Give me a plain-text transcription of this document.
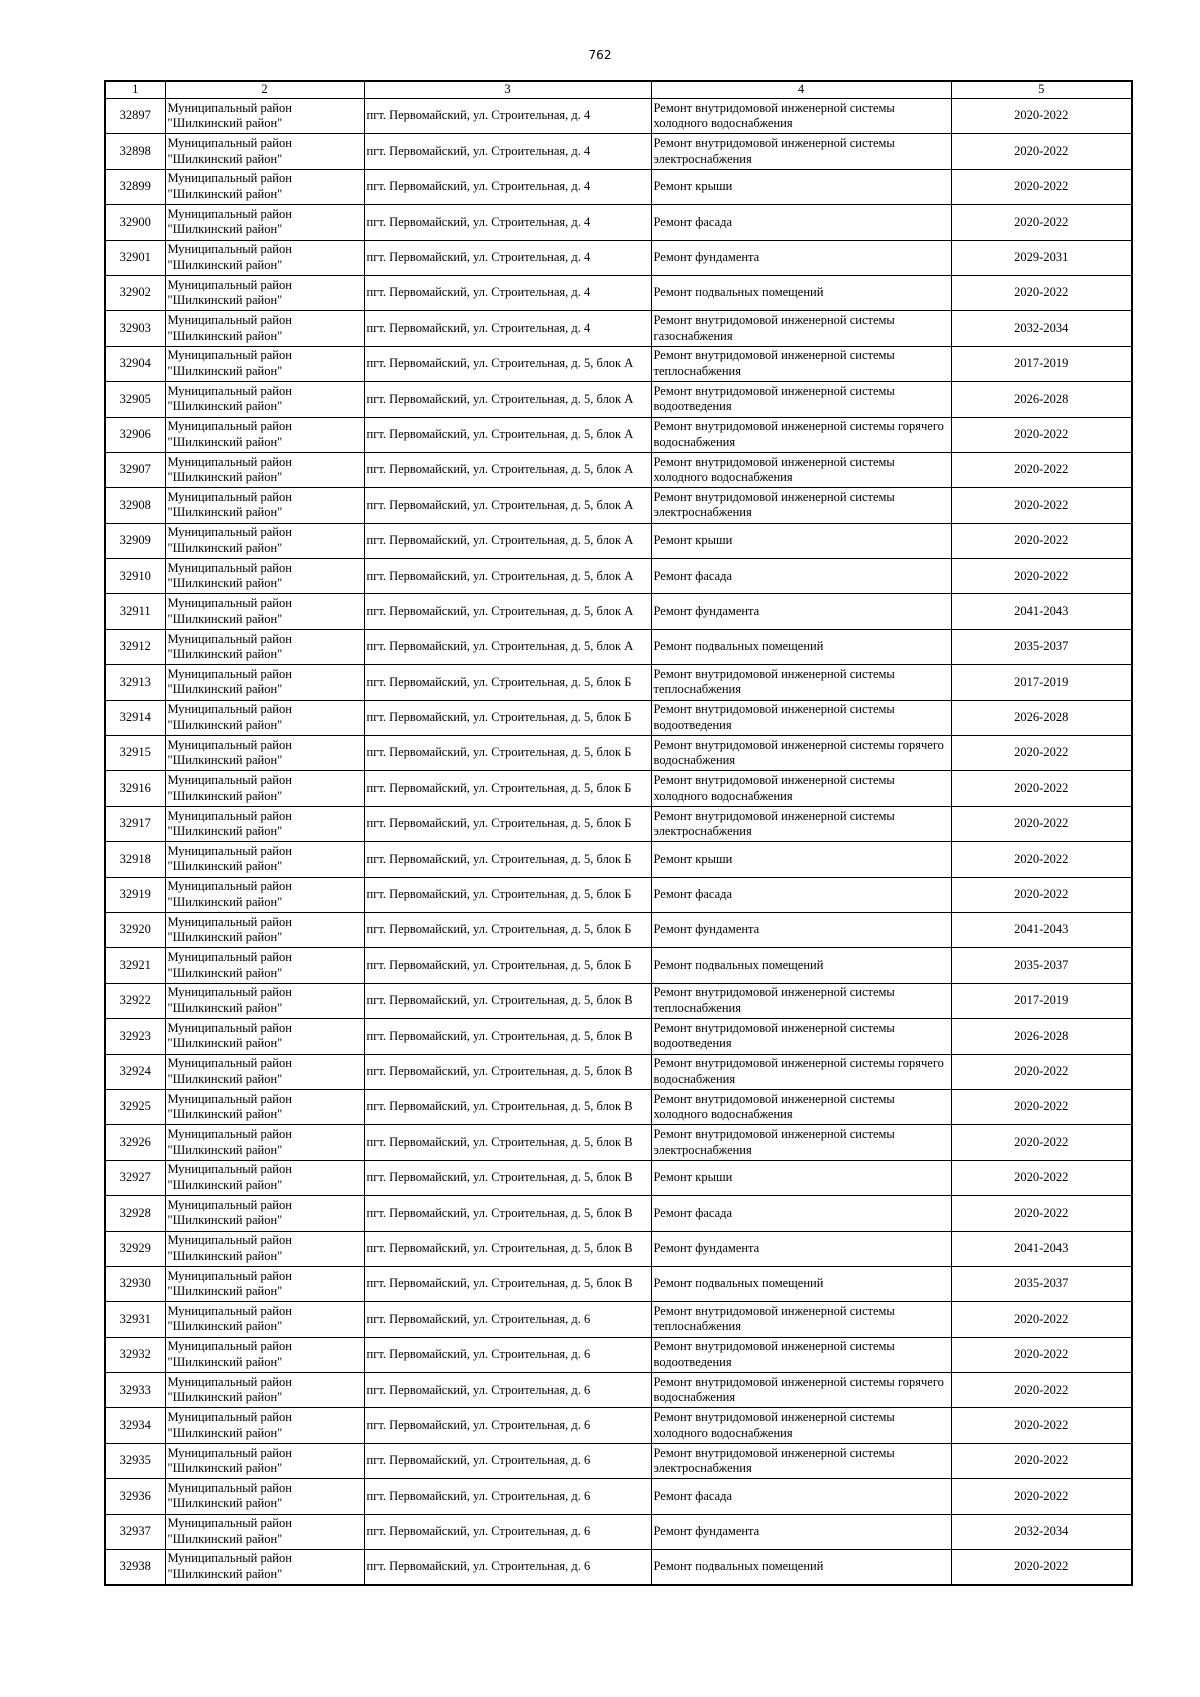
762
1	2	3	4	5
32897	Муниципальный район "Шилкинский район"	пгт. Первомайский, ул. Строительная, д. 4	Ремонт внутридомовой инженерной системы холодного водоснабжения	2020-2022
32898	Муниципальный район "Шилкинский район"	пгт. Первомайский, ул. Строительная, д. 4	Ремонт внутридомовой инженерной системы электроснабжения	2020-2022
32899	Муниципальный район "Шилкинский район"	пгт. Первомайский, ул. Строительная, д. 4	Ремонт крыши	2020-2022
32900	Муниципальный район "Шилкинский район"	пгт. Первомайский, ул. Строительная, д. 4	Ремонт фасада	2020-2022
32901	Муниципальный район "Шилкинский район"	пгт. Первомайский, ул. Строительная, д. 4	Ремонт фундамента	2029-2031
32902	Муниципальный район "Шилкинский район"	пгт. Первомайский, ул. Строительная, д. 4	Ремонт подвальных помещений	2020-2022
32903	Муниципальный район "Шилкинский район"	пгт. Первомайский, ул. Строительная, д. 4	Ремонт внутридомовой инженерной системы газоснабжения	2032-2034
32904	Муниципальный район "Шилкинский район"	пгт. Первомайский, ул. Строительная, д. 5, блок А	Ремонт внутридомовой инженерной системы теплоснабжения	2017-2019
32905	Муниципальный район "Шилкинский район"	пгт. Первомайский, ул. Строительная, д. 5, блок А	Ремонт внутридомовой инженерной системы водоотведения	2026-2028
32906	Муниципальный район "Шилкинский район"	пгт. Первомайский, ул. Строительная, д. 5, блок А	Ремонт внутридомовой инженерной системы горячего водоснабжения	2020-2022
32907	Муниципальный район "Шилкинский район"	пгт. Первомайский, ул. Строительная, д. 5, блок А	Ремонт внутридомовой инженерной системы холодного водоснабжения	2020-2022
32908	Муниципальный район "Шилкинский район"	пгт. Первомайский, ул. Строительная, д. 5, блок А	Ремонт внутридомовой инженерной системы электроснабжения	2020-2022
32909	Муниципальный район "Шилкинский район"	пгт. Первомайский, ул. Строительная, д. 5, блок А	Ремонт крыши	2020-2022
32910	Муниципальный район "Шилкинский район"	пгт. Первомайский, ул. Строительная, д. 5, блок А	Ремонт фасада	2020-2022
32911	Муниципальный район "Шилкинский район"	пгт. Первомайский, ул. Строительная, д. 5, блок А	Ремонт фундамента	2041-2043
32912	Муниципальный район "Шилкинский район"	пгт. Первомайский, ул. Строительная, д. 5, блок А	Ремонт подвальных помещений	2035-2037
32913	Муниципальный район "Шилкинский район"	пгт. Первомайский, ул. Строительная, д. 5, блок Б	Ремонт внутридомовой инженерной системы теплоснабжения	2017-2019
32914	Муниципальный район "Шилкинский район"	пгт. Первомайский, ул. Строительная, д. 5, блок Б	Ремонт внутридомовой инженерной системы водоотведения	2026-2028
32915	Муниципальный район "Шилкинский район"	пгт. Первомайский, ул. Строительная, д. 5, блок Б	Ремонт внутридомовой инженерной системы горячего водоснабжения	2020-2022
32916	Муниципальный район "Шилкинский район"	пгт. Первомайский, ул. Строительная, д. 5, блок Б	Ремонт внутридомовой инженерной системы холодного водоснабжения	2020-2022
32917	Муниципальный район "Шилкинский район"	пгт. Первомайский, ул. Строительная, д. 5, блок Б	Ремонт внутридомовой инженерной системы электроснабжения	2020-2022
32918	Муниципальный район "Шилкинский район"	пгт. Первомайский, ул. Строительная, д. 5, блок Б	Ремонт крыши	2020-2022
32919	Муниципальный район "Шилкинский район"	пгт. Первомайский, ул. Строительная, д. 5, блок Б	Ремонт фасада	2020-2022
32920	Муниципальный район "Шилкинский район"	пгт. Первомайский, ул. Строительная, д. 5, блок Б	Ремонт фундамента	2041-2043
32921	Муниципальный район "Шилкинский район"	пгт. Первомайский, ул. Строительная, д. 5, блок Б	Ремонт подвальных помещений	2035-2037
32922	Муниципальный район "Шилкинский район"	пгт. Первомайский, ул. Строительная, д. 5, блок В	Ремонт внутридомовой инженерной системы теплоснабжения	2017-2019
32923	Муниципальный район "Шилкинский район"	пгт. Первомайский, ул. Строительная, д. 5, блок В	Ремонт внутридомовой инженерной системы водоотведения	2026-2028
32924	Муниципальный район "Шилкинский район"	пгт. Первомайский, ул. Строительная, д. 5, блок В	Ремонт внутридомовой инженерной системы горячего водоснабжения	2020-2022
32925	Муниципальный район "Шилкинский район"	пгт. Первомайский, ул. Строительная, д. 5, блок В	Ремонт внутридомовой инженерной системы холодного водоснабжения	2020-2022
32926	Муниципальный район "Шилкинский район"	пгт. Первомайский, ул. Строительная, д. 5, блок В	Ремонт внутридомовой инженерной системы электроснабжения	2020-2022
32927	Муниципальный район "Шилкинский район"	пгт. Первомайский, ул. Строительная, д. 5, блок В	Ремонт крыши	2020-2022
32928	Муниципальный район "Шилкинский район"	пгт. Первомайский, ул. Строительная, д. 5, блок В	Ремонт фасада	2020-2022
32929	Муниципальный район "Шилкинский район"	пгт. Первомайский, ул. Строительная, д. 5, блок В	Ремонт фундамента	2041-2043
32930	Муниципальный район "Шилкинский район"	пгт. Первомайский, ул. Строительная, д. 5, блок В	Ремонт подвальных помещений	2035-2037
32931	Муниципальный район "Шилкинский район"	пгт. Первомайский, ул. Строительная, д. 6	Ремонт внутридомовой инженерной системы теплоснабжения	2020-2022
32932	Муниципальный район "Шилкинский район"	пгт. Первомайский, ул. Строительная, д. 6	Ремонт внутридомовой инженерной системы водоотведения	2020-2022
32933	Муниципальный район "Шилкинский район"	пгт. Первомайский, ул. Строительная, д. 6	Ремонт внутридомовой инженерной системы горячего водоснабжения	2020-2022
32934	Муниципальный район "Шилкинский район"	пгт. Первомайский, ул. Строительная, д. 6	Ремонт внутридомовой инженерной системы холодного водоснабжения	2020-2022
32935	Муниципальный район "Шилкинский район"	пгт. Первомайский, ул. Строительная, д. 6	Ремонт внутридомовой инженерной системы электроснабжения	2020-2022
32936	Муниципальный район "Шилкинский район"	пгт. Первомайский, ул. Строительная, д. 6	Ремонт фасада	2020-2022
32937	Муниципальный район "Шилкинский район"	пгт. Первомайский, ул. Строительная, д. 6	Ремонт фундамента	2032-2034
32938	Муниципальный район "Шилкинский район"	пгт. Первомайский, ул. Строительная, д. 6	Ремонт подвальных помещений	2020-2022
